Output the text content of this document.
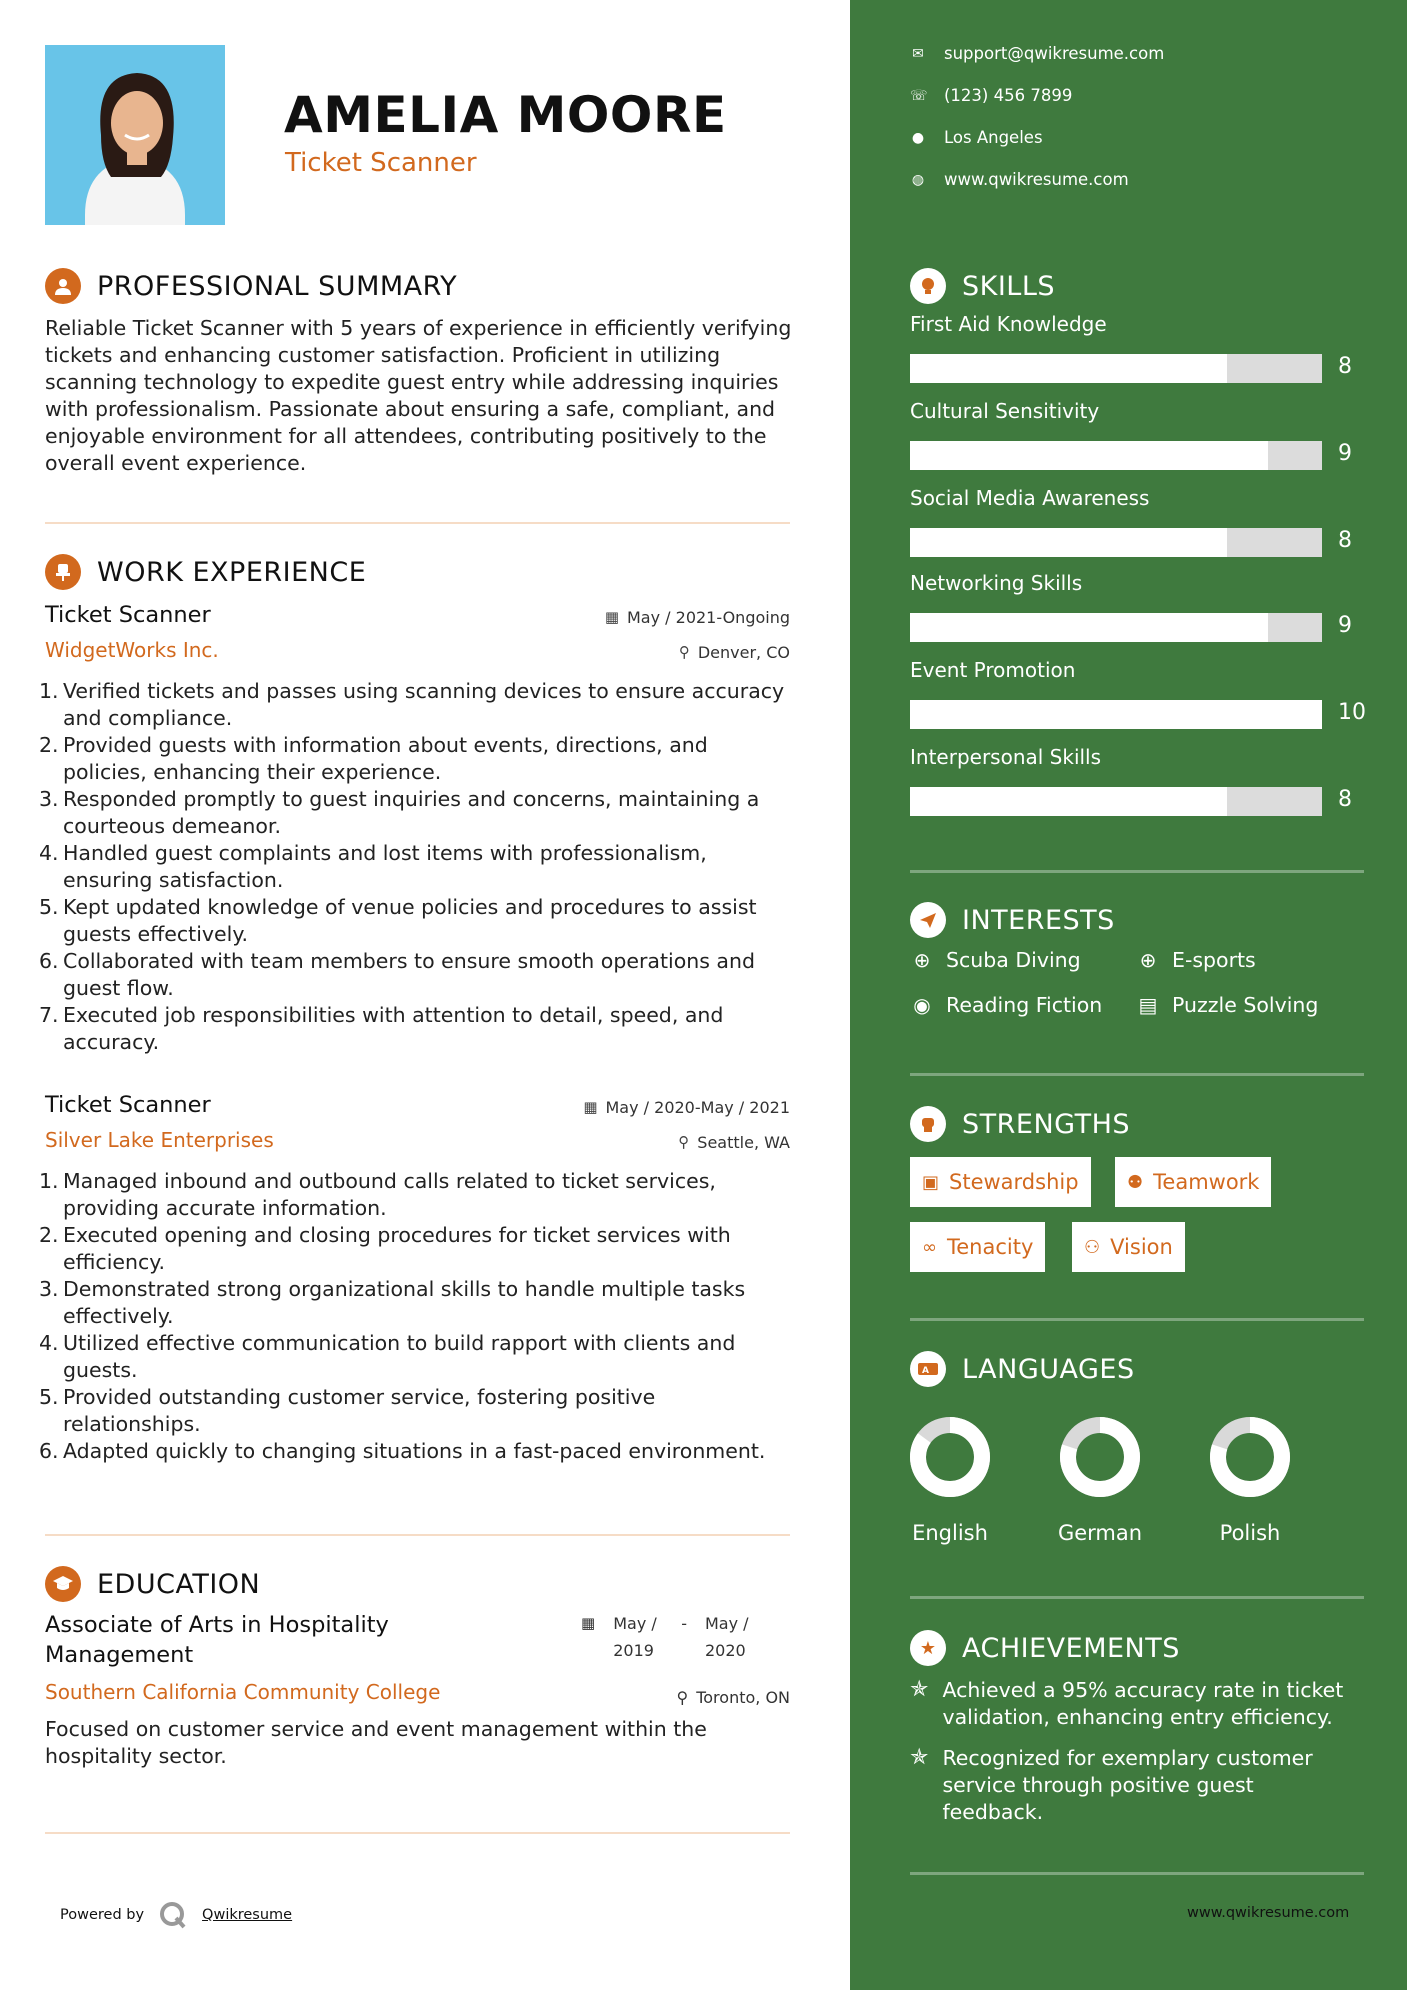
AMELIA MOORE
Ticket Scanner
PROFESSIONAL SUMMARY
Reliable Ticket Scanner with 5 years of experience in efficiently verifying tickets and enhancing customer satisfaction. Proficient in utilizing scanning technology to expedite guest entry while addressing inquiries with professionalism. Passionate about ensuring a safe, compliant, and enjoyable environment for all attendees, contributing positively to the overall event experience.
WORK EXPERIENCE
Ticket Scanner	▦ May / 2021-Ongoing
WidgetWorks Inc.	⚲ Denver, CO
1. Verified tickets and passes using scanning devices to ensure accuracy and compliance.
2. Provided guests with information about events, directions, and policies, enhancing their experience.
3. Responded promptly to guest inquiries and concerns, maintaining a courteous demeanor.
4. Handled guest complaints and lost items with professionalism, ensuring satisfaction.
5. Kept updated knowledge of venue policies and procedures to assist guests effectively.
6. Collaborated with team members to ensure smooth operations and guest flow.
7. Executed job responsibilities with attention to detail, speed, and accuracy.
Ticket Scanner	▦ May / 2020-May / 2021
Silver Lake Enterprises	⚲ Seattle, WA
1. Managed inbound and outbound calls related to ticket services, providing accurate information.
2. Executed opening and closing procedures for ticket services with efficiency.
3. Demonstrated strong organizational skills to handle multiple tasks effectively.
4. Utilized effective communication to build rapport with clients and guests.
5. Provided outstanding customer service, fostering positive relationships.
6. Adapted quickly to changing situations in a fast-paced environment.
EDUCATION
Associate of Arts in Hospitality Management
▦ May / 2019
- May / 2020
Southern California Community College	⚲ Toronto, ON
Focused on customer service and event management within the hospitality sector.
Powered by	Qwikresume
✉ support@qwikresume.com
☏ (123) 456 7899
● Los Angeles
◍ www.qwikresume.com
SKILLS
First Aid Knowledge
8
Cultural Sensitivity
9
Social Media Awareness
8
Networking Skills
9
Event Promotion
10
Interpersonal Skills
8
INTERESTS
⊕ Scuba Diving	⊕ E-sports
◉ Reading Fiction ▤ Puzzle Solving
STRENGTHS
▣ Stewardship	⚉ Teamwork
∞ Tenacity	⚇ Vision
A LANGUAGES
English	German	Polish
★ ACHIEVEMENTS
✯ Achieved a 95% accuracy rate in ticket validation, enhancing entry efficiency.
✯ Recognized for exemplary customer service through positive guest feedback.
www.qwikresume.com
